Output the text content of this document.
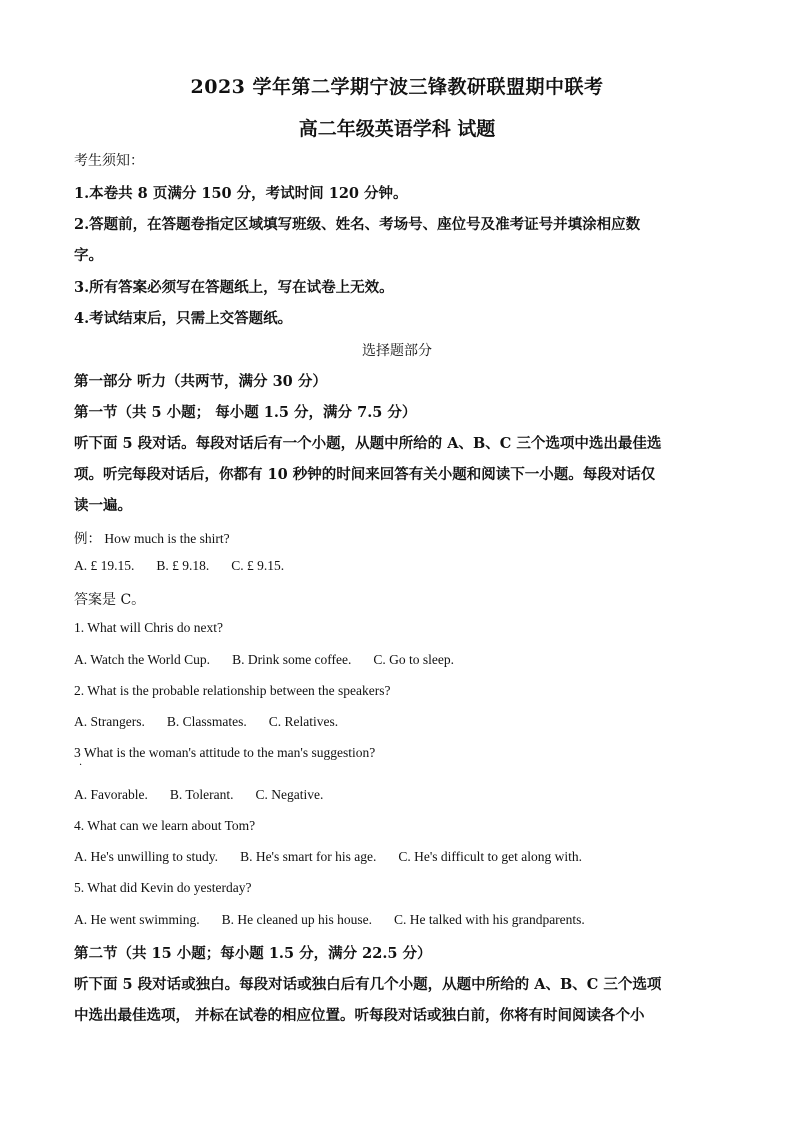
2023 学年第二学期宁波三锋教研联盟期中联考
高二年级英语学科 试题
考生须知：
1.本卷共 8 页满分 150 分，考试时间 120 分钟。
2.答题前，在答题卷指定区域填写班级、姓名、考场号、座位号及准考证号并填涂相应数
字。
3.所有答案必须写在答题纸上，写在试卷上无效。
4.考试结束后，只需上交答题纸。
选择题部分
第一部分 听力（共两节，满分 30 分）
第一节（共 5 小题； 每小题 1.5 分，满分 7.5 分）
听下面 5 段对话。每段对话后有一个小题，从题中所给的 A、B、C 三个选项中选出最佳选
项。听完每段对话后，你都有 10 秒钟的时间来回答有关小题和阅读下一小题。每段对话仅
读一遍。
例： How much is the shirt?
A. £ 19.15. B. £ 9.18. C. £ 9.15.
答案是 C。
1. What will Chris do next?
A. Watch the World Cup. B. Drink some coffee. C. Go to sleep.
2. What is the probable relationship between the speakers?
A. Strangers. B. Classmates. C. Relatives.
3 What is the woman's attitude to the man's suggestion?
·
A. Favorable. B. Tolerant. C. Negative.
4. What can we learn about Tom?
A. He's unwilling to study. B. He's smart for his age. C. He's difficult to get along with.
5. What did Kevin do yesterday?
A. He went swimming. B. He cleaned up his house. C. He talked with his grandparents.
第二节（共 15 小题；每小题 1.5 分，满分 22.5 分）
听下面 5 段对话或独白。每段对话或独白后有几个小题，从题中所给的 A、B、C 三个选项
中选出最佳选项， 并标在试卷的相应位置。听每段对话或独白前，你将有时间阅读各个小
